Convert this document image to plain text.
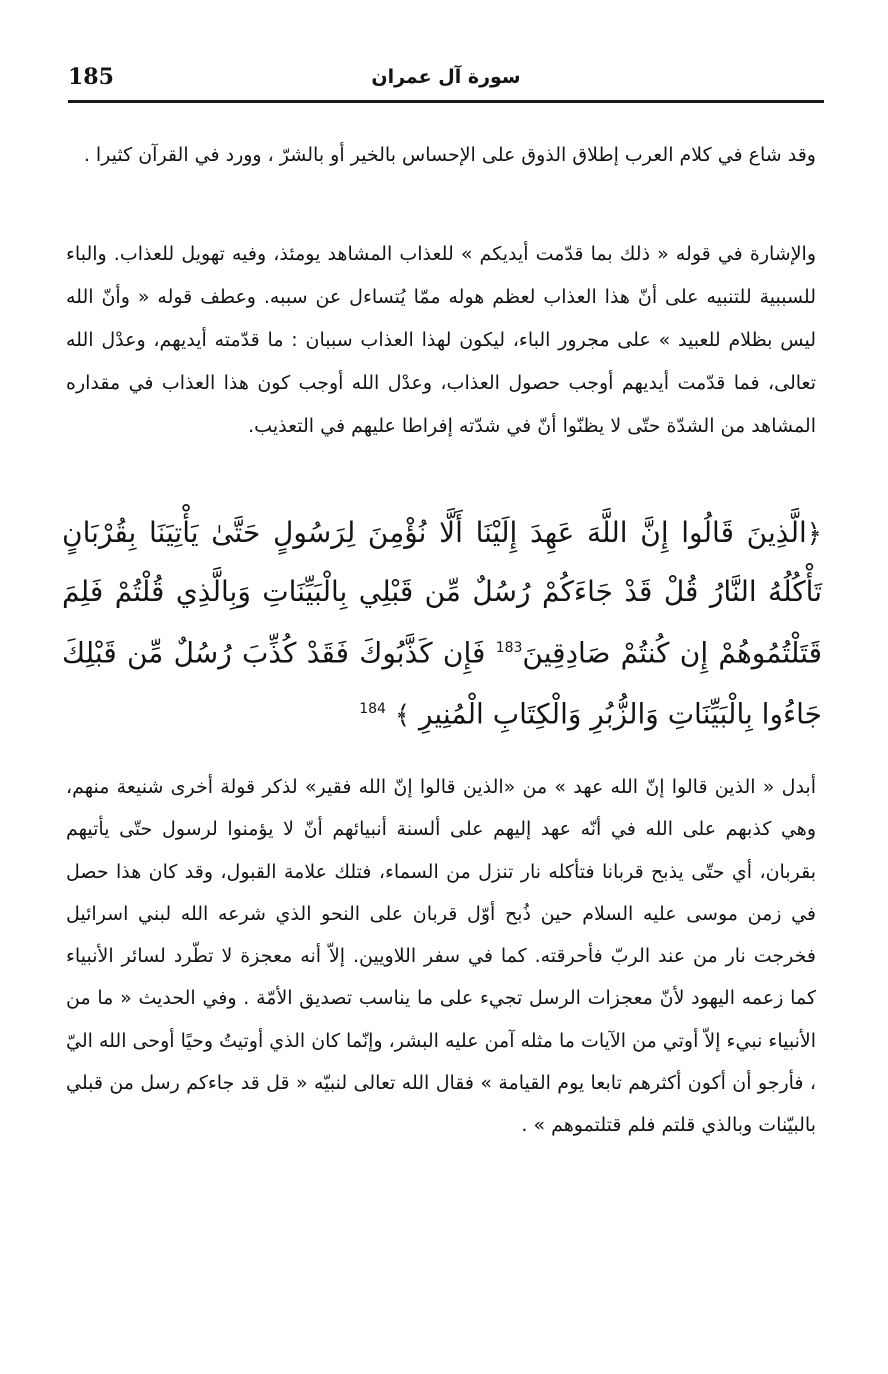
185	سورة آل عمران

وقد شاع في كلام العرب إطلاق الذوق على الإحساس بالخير أو بالشرّ ، وورد في القرآن كثيرا .

والإشارة في قوله « ذلك بما قدّمت أيديكم » للعذاب المشاهد يومئذ، وفيه تهويل للعذاب. والباء للسببية للتنبيه على أنّ هذا العذاب لعظم هوله ممّا يُتساءل عن سببه. وعطف قوله « وأنّ الله ليس بظلام للعبيد » على مجرور الباء، ليكون لهذا العذاب سببان : ما قدّمته أيديهم، وعدْل الله تعالى، فما قدّمت أيديهم أوجب حصول العذاب، وعدْل الله أوجب كون هذا العذاب في مقداره المشاهد من الشدّة حتّى لا يظنّوا أنّ في شدّته إفراطا عليهم في التعذيب.

﴿الَّذِينَ قَالُوا إِنَّ اللَّهَ عَهِدَ إِلَيْنَا أَلَّا نُؤْمِنَ لِرَسُولٍ حَتَّىٰ يَأْتِيَنَا بِقُرْبَانٍ تَأْكُلُهُ النَّارُ قُلْ قَدْ جَاءَكُمْ رُسُلٌ مِّن قَبْلِي بِالْبَيِّنَاتِ وَبِالَّذِي قُلْتُمْ فَلِمَ قَتَلْتُمُوهُمْ إِن كُنتُمْ صَادِقِينَ$^{183}$ فَإِن كَذَّبُوكَ فَقَدْ كُذِّبَ رُسُلٌ مِّن قَبْلِكَ جَاءُوا بِالْبَيِّنَاتِ وَالزُّبُرِ وَالْكِتَابِ الْمُنِيرِ ﴾ $^{184}$

أبدل « الذين قالوا إنّ الله عهد » من «الذين قالوا إنّ الله فقير» لذكر قولة أخرى شنيعة منهم، وهي كذبهم على الله في أنّه عهد إليهم على ألسنة أنبيائهم أنّ لا يؤمنوا لرسول حتّى يأتيهم بقربان، أي حتّى يذبح قربانا فتأكله نار تنزل من السماء، فتلك علامة القبول، وقد كان هذا حصل في زمن موسى عليه السلام حين ذُبح أوّل قربان على النحو الذي شرعه الله لبني اسرائيل فخرجت نار من عند الربّ فأحرقته. كما في سفر اللاويين. إلاّ أنه معجزة لا تطّرد لسائر الأنبياء كما زعمه اليهود لأنّ معجزات الرسل تجيء على ما يناسب تصديق الأمّة . وفي الحديث « ما من الأنبياء نبيء إلاّ أوتي من الآيات ما مثله آمن عليه البشر، وإنّما كان الذي أوتيتُ وحيًا أوحى الله اليّ ، فأرجو أن أكون أكثرهم تابعا يوم القيامة » فقال الله تعالى لنبيّه « قل قد جاءكم رسل من قبلي بالبيّنات وبالذي قلتم فلم قتلتموهم » .
